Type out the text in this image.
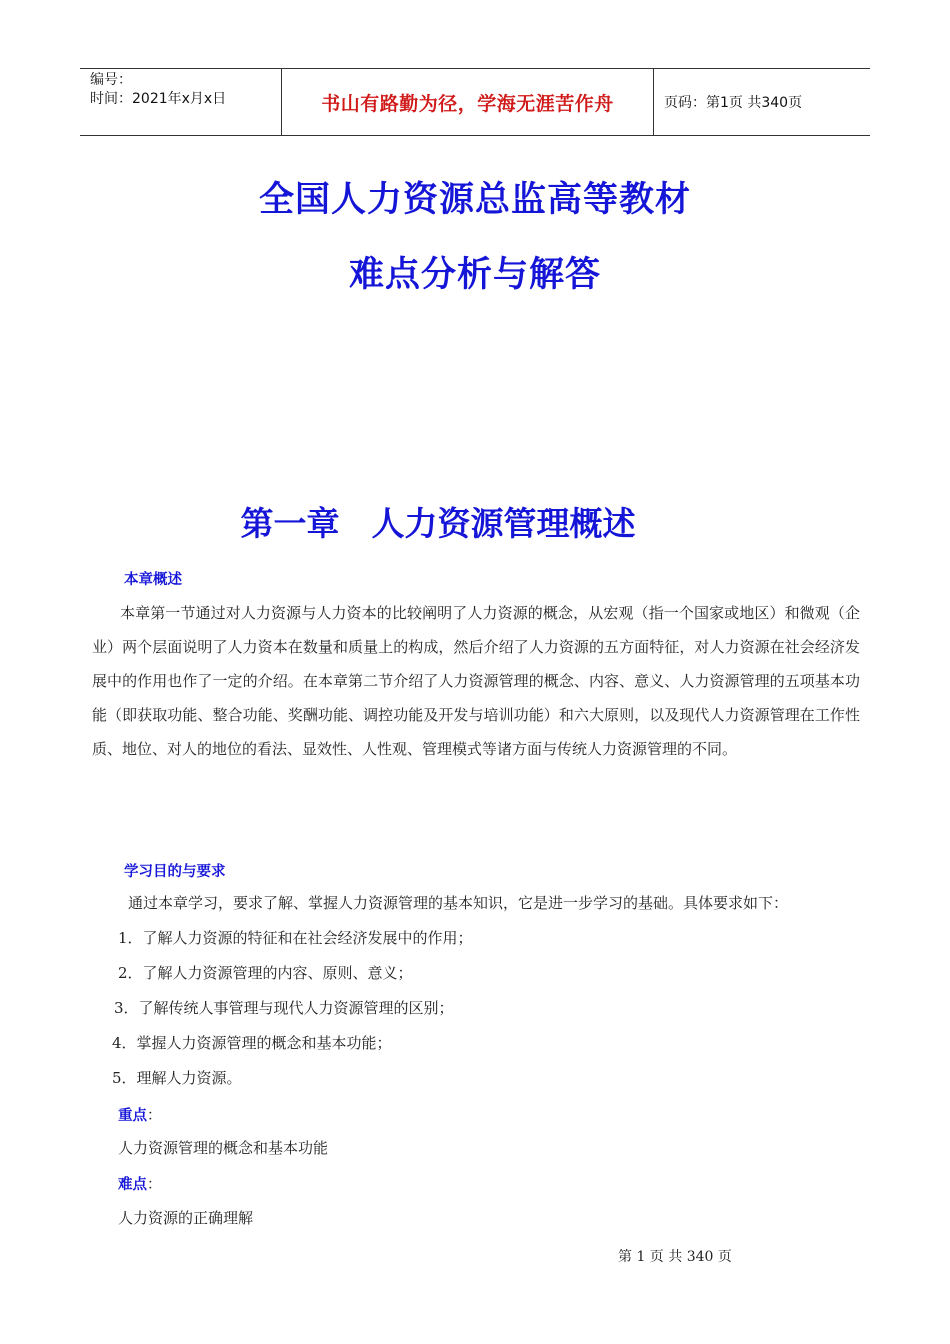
编号：
时间：2021年x月x日	书山有路勤为径，学海无涯苦作舟	页码：第1页 共340页
全国人力资源总监高等教材
难点分析与解答
第一章 人力资源管理概述
本章概述
本章第一节通过对人力资源与人力资本的比较阐明了人力资源的概念，从宏观（指一个国家或地区）和微观（企业）两个层面说明了人力资本在数量和质量上的构成，然后介绍了人力资源的五方面特征，对人力资源在社会经济发展中的作用也作了一定的介绍。在本章第二节介绍了人力资源管理的概念、内容、意义、人力资源管理的五项基本功能（即获取功能、整合功能、奖酬功能、调控功能及开发与培训功能）和六大原则，以及现代人力资源管理在工作性质、地位、对人的地位的看法、显效性、人性观、管理模式等诸方面与传统人力资源管理的不同。
学习目的与要求
通过本章学习，要求了解、掌握人力资源管理的基本知识，它是进一步学习的基础。具体要求如下：
1．了解人力资源的特征和在社会经济发展中的作用；
2．了解人力资源管理的内容、原则、意义；
3．了解传统人事管理与现代人力资源管理的区别；
4．掌握人力资源管理的概念和基本功能；
5．理解人力资源。
重点：
人力资源管理的概念和基本功能
难点：
人力资源的正确理解
第 1 页 共 340 页
